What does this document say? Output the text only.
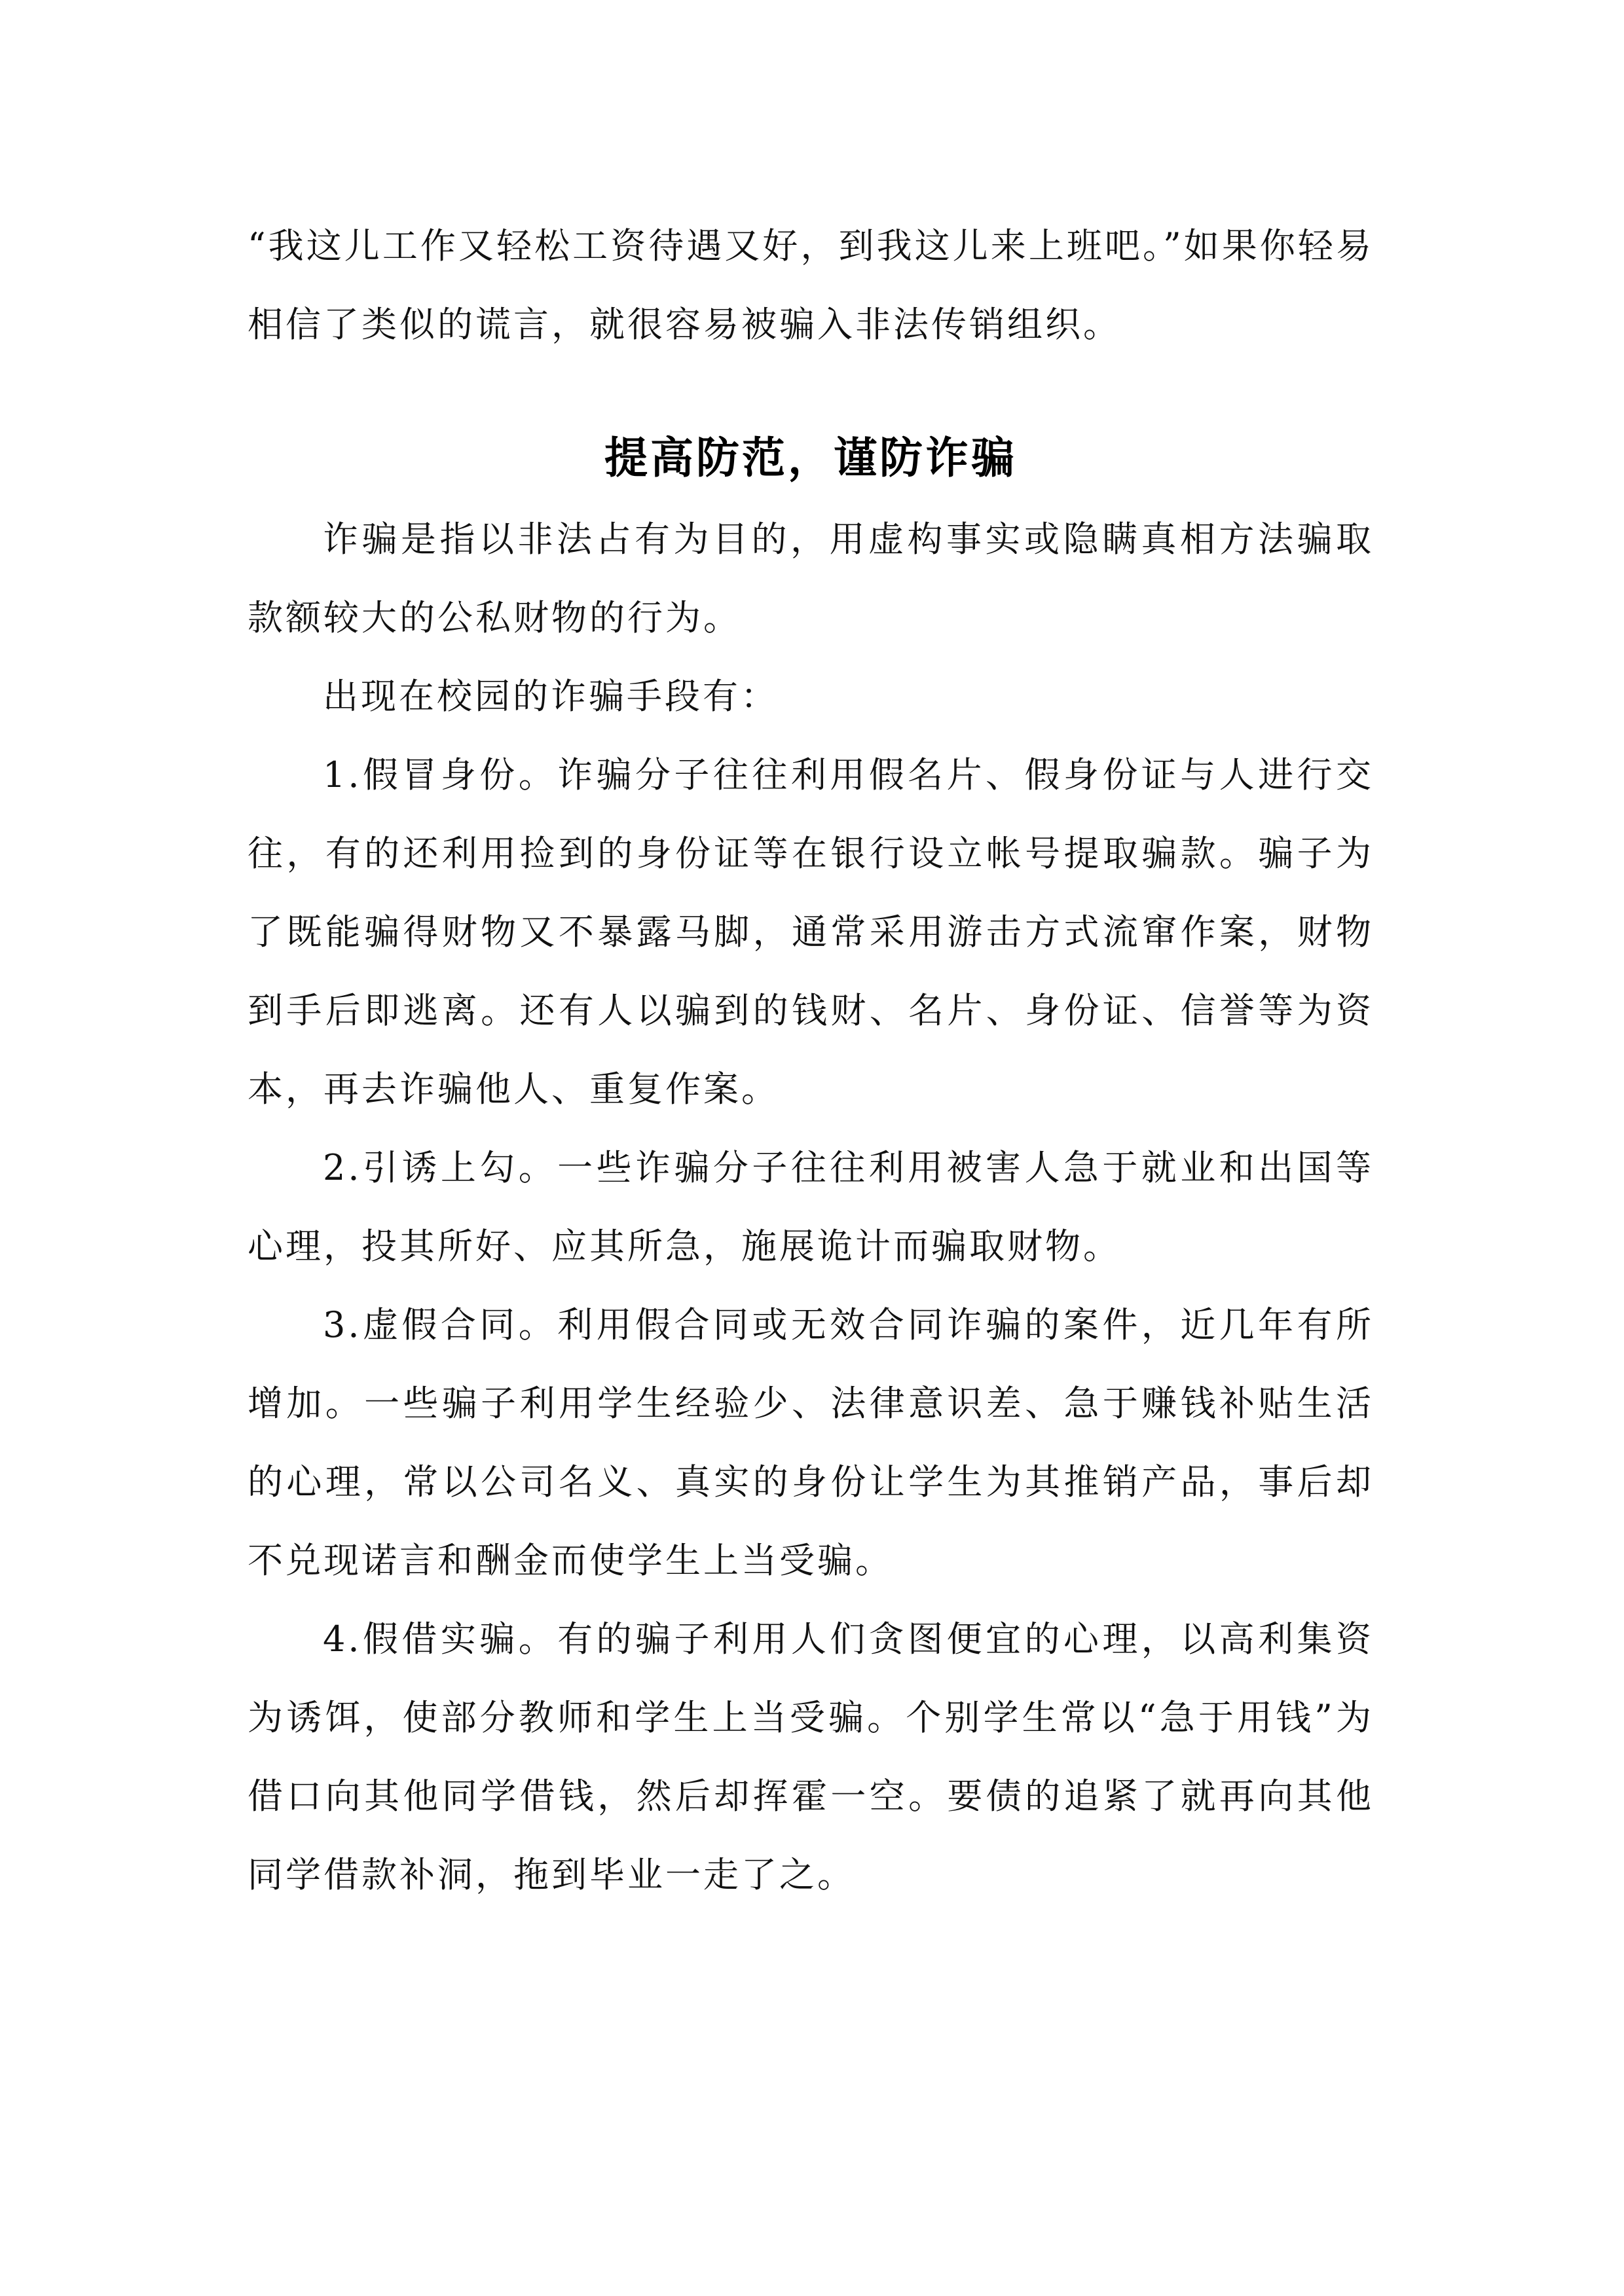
“我这儿工作又轻松工资待遇又好，到我这儿来上班吧。”如果你轻易相信了类似的谎言，就很容易被骗入非法传销组织。

提高防范，谨防诈骗

诈骗是指以非法占有为目的，用虚构事实或隐瞒真相方法骗取款额较大的公私财物的行为。

出现在校园的诈骗手段有：

1.假冒身份。诈骗分子往往利用假名片、假身份证与人进行交往，有的还利用捡到的身份证等在银行设立帐号提取骗款。骗子为了既能骗得财物又不暴露马脚，通常采用游击方式流窜作案，财物到手后即逃离。还有人以骗到的钱财、名片、身份证、信誉等为资本，再去诈骗他人、重复作案。

2.引诱上勾。一些诈骗分子往往利用被害人急于就业和出国等心理，投其所好、应其所急，施展诡计而骗取财物。

3.虚假合同。利用假合同或无效合同诈骗的案件，近几年有所增加。一些骗子利用学生经验少、法律意识差、急于赚钱补贴生活的心理，常以公司名义、真实的身份让学生为其推销产品，事后却不兑现诺言和酬金而使学生上当受骗。

4.假借实骗。有的骗子利用人们贪图便宜的心理，以高利集资为诱饵，使部分教师和学生上当受骗。个别学生常以“急于用钱”为借口向其他同学借钱，然后却挥霍一空。要债的追紧了就再向其他同学借款补洞，拖到毕业一走了之。
